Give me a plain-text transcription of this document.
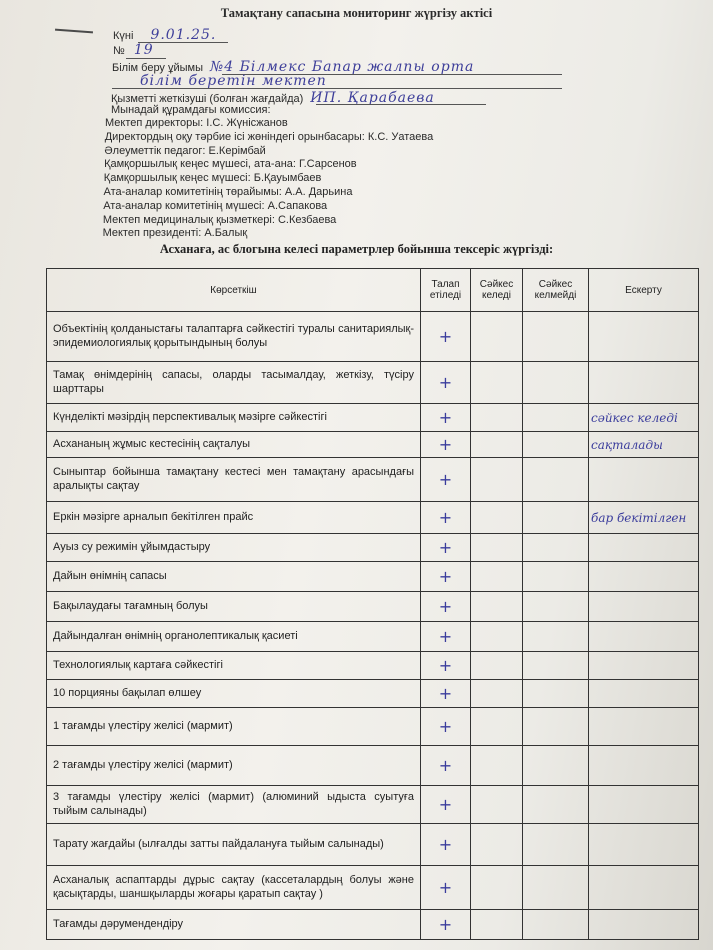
Тамақтану сапасына мониторинг жүргізу актісі
Күні 9.01.25.
№ 19
Білім беру ұйымы №4 Білмекс Бапар жалпы орта
білім беретін мектеп
Қызметті жеткізуші (болған жағдайда) ИП. Қарабаева
Мынадай құрамдағы комиссия:
Мектеп директоры: І.С. Жүнісжанов
Директордың оқу тәрбие ісі жөніндегі орынбасары: К.С. Уатаева
Әлеуметтік педагог: Е.Керімбай
Қамқоршылық кеңес мүшесі, ата-ана: Г.Сарсенов
Қамқоршылық кеңес мүшесі: Б.Қауымбаев
Ата-аналар комитетінің төрайымы: А.А. Дарьина
Ата-аналар комитетінің мүшесі: А.Сапакова
Мектеп медициналық қызметкері: С.Кезбаева
Мектеп президенті: А.Балық
Асханаға, ас блогына келесі параметрлер бойынша тексеріс жүргізді:
Көрсеткіш	Талап етіледі	Сәйкес келеді	Сәйкес келмейді	Ескерту
Объектінің қолданыстағы талаптарға сәйкестігі туралы санитариялық-эпидемиологиялық қорытындының болуы	+			
Тамақ өнімдерінің сапасы, оларды тасымалдау, жеткізу, түсіру шарттары	+			
Күнделікті мәзірдің перспективалық мәзірге сәйкестігі	+			сәйкес келеді
Асхананың жұмыс кестесінің сақталуы	+			сақталады
Сыныптар бойынша тамақтану кестесі мен тамақтану арасындағы аралықты сақтау	+			
Еркін мәзірге арналып бекітілген прайс	+			бар бекітілген
Ауыз су режимін ұйымдастыру	+			
Дайын өнімнің сапасы	+			
Бақылаудағы тағамның болуы	+			
Дайындалған өнімнің органолептикалық қасиеті	+			
Технологиялық картаға сәйкестігі	+			
10 порцияны бақылап өлшеу	+			
1 тағамды үлестіру желісі (мармит)	+			
2 тағамды үлестіру желісі (мармит)	+			
3 тағамды үлестіру желісі (мармит) (алюминий ыдыста суытуға тыйым салынады)	+			
Тарату жағдайы (ылғалды затты пайдалануға тыйым салынады)	+			
Асханалық аспаптарды дұрыс сақтау (кассеталардың болуы және қасықтарды, шаншқыларды жоғары қаратып сақтау )	+			
Тағамды дәрумендендіру	+			
